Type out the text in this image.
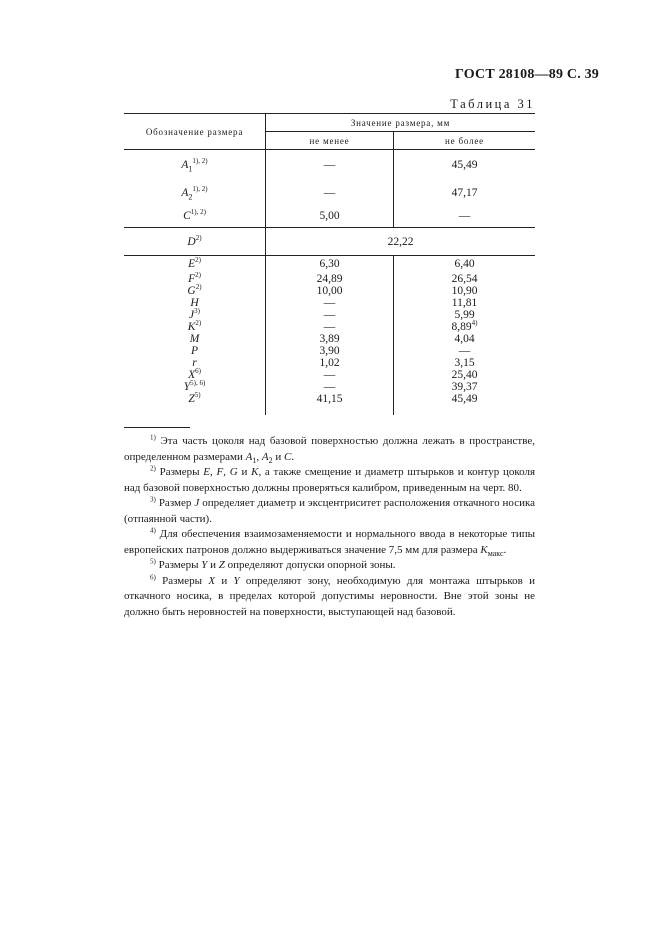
ГОСТ 28108—89 С. 39
Таблица 31
Обозначение размера	Значение размера, мм	
	не менее	не более
$A_1^{1), 2)}$	—	45,49
$A_2^{1), 2)}$	—	47,17
C$^{1), 2)}$	5,00	—
D$^{2)}$	22,22	
E$^{2)}$	6,30	6,40
F$^{2)}$	24,89	26,54
G$^{2)}$	10,00	10,90
H	—	11,81
J$^{3)}$	—	5,99
K$^{2)}$	—	8,89$^{4)}$
M	3,89	4,04
P	3,90	—
r	1,02	3,15
X$^{6)}$	—	25,40
Y$^{5), 6)}$	—	39,37
Z$^{5)}$	41,15	45,49

$^{1)}$ Эта часть цоколя над базовой поверхностью должна лежать в пространстве, определенном размерами $A_1$, $A_2$ и C.

$^{2)}$ Размеры E, F, G и K, а также смещение и диаметр штырьков и контур цоколя над базовой поверхностью должны проверяться калибром, приведенным на черт. 80.

$^{3)}$ Размер J определяет диаметр и эксцентриситет расположения откачного носика (отпаянной части).

$^{4)}$ Для обеспечения взаимозаменяемости и нормального ввода в некоторые типы европейских патронов должно выдерживаться значение 7,5 мм для размера $K_{макс}$.

$^{5)}$ Размеры Y и Z определяют допуски опорной зоны.

$^{6)}$ Размеры X и Y определяют зону, необходимую для монтажа штырьков и откачного носика, в пределах которой допустимы неровности. Вне этой зоны не должно быть неровностей на поверхности, выступающей над базовой.
